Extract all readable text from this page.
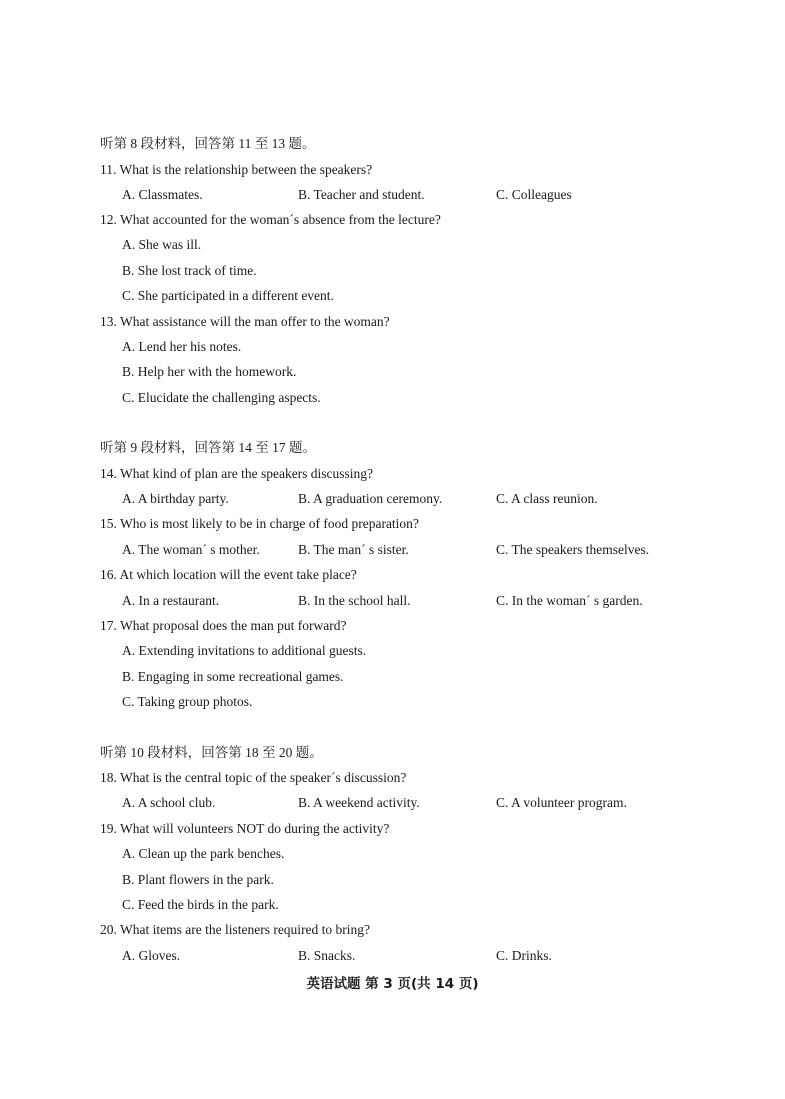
听第 8 段材料，回答第 11 至 13 题。
11. What is the relationship between the speakers?
A. Classmates.	B. Teacher and student.	C. Colleagues
12. What accounted for the woman´s absence from the lecture?
A. She was ill.
B. She lost track of time.
C. She participated in a different event.
13. What assistance will the man offer to the woman?
A. Lend her his notes.
B. Help her with the homework.
C. Elucidate the challenging aspects.
听第 9 段材料，回答第 14 至 17 题。
14. What kind of plan are the speakers discussing?
A. A birthday party.	B. A graduation ceremony.	C. A class reunion.
15. Who is most likely to be in charge of food preparation?
A. The woman´ s mother.	B. The man´ s sister.	C. The speakers themselves.
16. At which location will the event take place?
A. In a restaurant.	B. In the school hall.	C. In the woman´ s garden.
17. What proposal does the man put forward?
A. Extending invitations to additional guests.
B. Engaging in some recreational games.
C. Taking group photos.
听第 10 段材料，回答第 18 至 20 题。
18. What is the central topic of the speaker´s discussion?
A. A school club.	B. A weekend activity.	C. A volunteer program.
19. What will volunteers NOT do during the activity?
A. Clean up the park benches.
B. Plant flowers in the park.
C. Feed the birds in the park.
20. What items are the listeners required to bring?
A. Gloves.	B. Snacks.	C. Drinks.
英语试题 第 3 页(共 14 页)
